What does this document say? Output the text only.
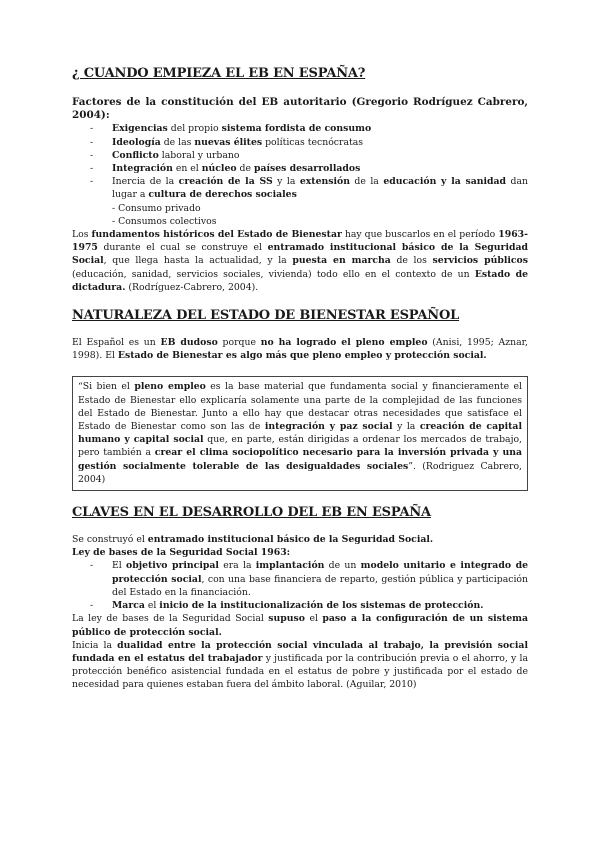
¿ CUANDO EMPIEZA EL EB EN ESPAÑA?

Factores de la constitución del EB autoritario (Gregorio Rodríguez Cabrero, 2004):

- Exigencias del propio sistema fordista de consumo
- Ideología de las nuevas élites políticas tecnócratas
- Conflicto laboral y urbano
- Integración en el núcleo de países desarrollados
- Inercia de la creación de la SS y la extensión de la educación y la sanidad dan lugar a cultura de derechos sociales
- Consumo privado
- Consumos colectivos

Los fundamentos históricos del Estado de Bienestar hay que buscarlos en el período 1963-1975 durante el cual se construye el entramado institucional básico de la Seguridad Social, que llega hasta la actualidad, y la puesta en marcha de los servicios públicos (educación, sanidad, servicios sociales, vivienda) todo ello en el contexto de un Estado de dictadura. (Rodríguez-Cabrero, 2004).

NATURALEZA DEL ESTADO DE BIENESTAR ESPAÑOL

El Español es un EB dudoso porque no ha logrado el pleno empleo (Anisi, 1995; Aznar, 1998). El Estado de Bienestar es algo más que pleno empleo y protección social.

“Si bien el pleno empleo es la base material que fundamenta social y financieramente el Estado de Bienestar ello explicaría solamente una parte de la complejidad de las funciones del Estado de Bienestar. Junto a ello hay que destacar otras necesidades que satisface el Estado de Bienestar como son las de integración y paz social y la creación de capital humano y capital social que, en parte, están dirigidas a ordenar los mercados de trabajo, pero también a crear el clima sociopolítico necesario para la inversión privada y una gestión socialmente tolerable de las desigualdades sociales”. (Rodriguez Cabrero, 2004)
CLAVES EN EL DESARROLLO DEL EB EN ESPAÑA

Se construyó el entramado institucional básico de la Seguridad Social.

Ley de bases de la Seguridad Social 1963:

- El objetivo principal era la implantación de un modelo unitario e integrado de protección social, con una base financiera de reparto, gestión pública y participación del Estado en la financiación.
- Marca el inicio de la institucionalización de los sistemas de protección.

La ley de bases de la Seguridad Social supuso el paso a la configuración de un sistema público de protección social.

Inicia la dualidad entre la protección social vinculada al trabajo, la previsión social fundada en el estatus del trabajador y justificada por la contribución previa o el ahorro, y la protección benéfico asistencial fundada en el estatus de pobre y justificada por el estado de necesidad para quienes estaban fuera del ámbito laboral. (Aguilar, 2010)
